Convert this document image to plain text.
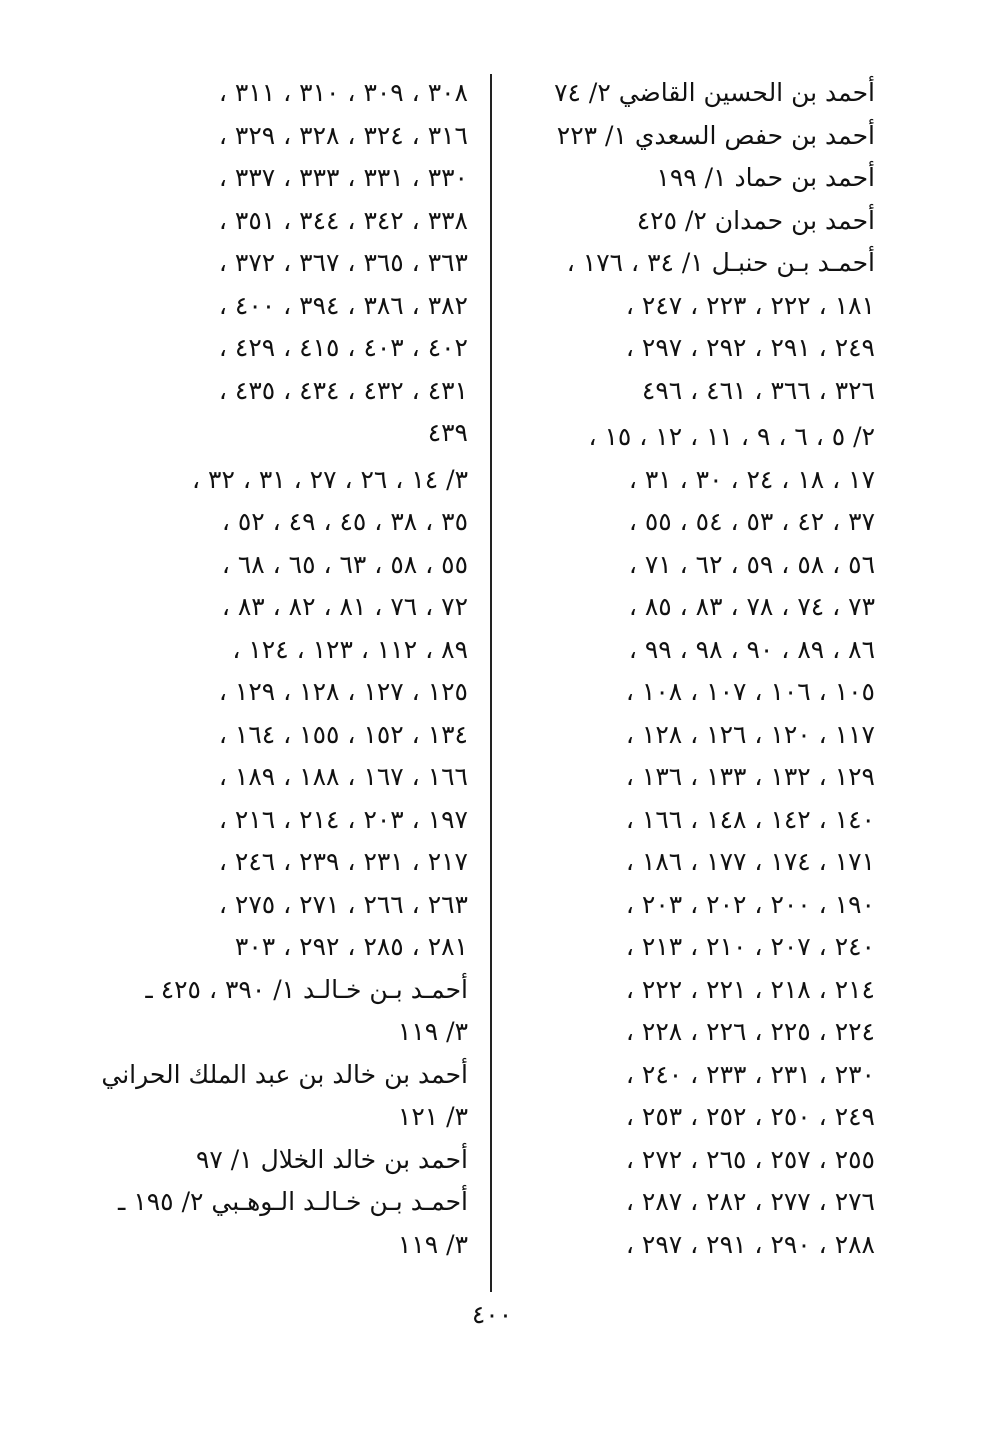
أحمد بن الحسين القاضي ٢/ ٧٤
أحمد بن حفص السعدي ١/ ٢٢٣
أحمد بن حماد ١/ ١٩٩
أحمد بن حمدان ٢/ ٤٢٥
أحمـد بـن حنبـل ١/ ٣٤ ، ١٧٦ ،
١٨١ ، ٢٢٢ ، ٢٢٣ ، ٢٤٧ ،
٢٤٩ ، ٢٩١ ، ٢٩٢ ، ٢٩٧ ،
٣٢٦ ، ٣٦٦ ، ٤٦١ ، ٤٩٦
٢/ ٥ ، ٦ ، ٩ ، ١١ ، ١٢ ، ١٥ ،
١٧ ، ١٨ ، ٢٤ ، ٣٠ ، ٣١ ،
٣٧ ، ٤٢ ، ٥٣ ، ٥٤ ، ٥٥ ،
٥٦ ، ٥٨ ، ٥٩ ، ٦٢ ، ٧١ ،
٧٣ ، ٧٤ ، ٧٨ ، ٨٣ ، ٨٥ ،
٨٦ ، ٨٩ ، ٩٠ ، ٩٨ ، ٩٩ ،
١٠٥ ، ١٠٦ ، ١٠٧ ، ١٠٨ ،
١١٧ ، ١٢٠ ، ١٢٦ ، ١٢٨ ،
١٢٩ ، ١٣٢ ، ١٣٣ ، ١٣٦ ،
١٤٠ ، ١٤٢ ، ١٤٨ ، ١٦٦ ،
١٧١ ، ١٧٤ ، ١٧٧ ، ١٨٦ ،
١٩٠ ، ٢٠٠ ، ٢٠٢ ، ٢٠٣ ،
٢٤٠ ، ٢٠٧ ، ٢١٠ ، ٢١٣ ،
٢١٤ ، ٢١٨ ، ٢٢١ ، ٢٢٢ ،
٢٢٤ ، ٢٢٥ ، ٢٢٦ ، ٢٢٨ ،
٢٣٠ ، ٢٣١ ، ٢٣٣ ، ٢٤٠ ،
٢٤٩ ، ٢٥٠ ، ٢٥٢ ، ٢٥٣ ،
٢٥٥ ، ٢٥٧ ، ٢٦٥ ، ٢٧٢ ،
٢٧٦ ، ٢٧٧ ، ٢٨٢ ، ٢٨٧ ،
٢٨٨ ، ٢٩٠ ، ٢٩١ ، ٢٩٧ ،
٣٠٨ ، ٣٠٩ ، ٣١٠ ، ٣١١ ،
٣١٦ ، ٣٢٤ ، ٣٢٨ ، ٣٢٩ ،
٣٣٠ ، ٣٣١ ، ٣٣٣ ، ٣٣٧ ،
٣٣٨ ، ٣٤٢ ، ٣٤٤ ، ٣٥١ ،
٣٦٣ ، ٣٦٥ ، ٣٦٧ ، ٣٧٢ ،
٣٨٢ ، ٣٨٦ ، ٣٩٤ ، ٤٠٠ ،
٤٠٢ ، ٤٠٣ ، ٤١٥ ، ٤٢٩ ،
٤٣١ ، ٤٣٢ ، ٤٣٤ ، ٤٣٥ ،
٤٣٩
٣/ ١٤ ، ٢٦ ، ٢٧ ، ٣١ ، ٣٢ ،
٣٥ ، ٣٨ ، ٤٥ ، ٤٩ ، ٥٢ ،
٥٥ ، ٥٨ ، ٦٣ ، ٦٥ ، ٦٨ ،
٧٢ ، ٧٦ ، ٨١ ، ٨٢ ، ٨٣ ،
٨٩ ، ١١٢ ، ١٢٣ ، ١٢٤ ،
١٢٥ ، ١٢٧ ، ١٢٨ ، ١٢٩ ،
١٣٤ ، ١٥٢ ، ١٥٥ ، ١٦٤ ،
١٦٦ ، ١٦٧ ، ١٨٨ ، ١٨٩ ،
١٩٧ ، ٢٠٣ ، ٢١٤ ، ٢١٦ ،
٢١٧ ، ٢٣١ ، ٢٣٩ ، ٢٤٦ ،
٢٦٣ ، ٢٦٦ ، ٢٧١ ، ٢٧٥ ،
٢٨١ ، ٢٨٥ ، ٢٩٢ ، ٣٠٣
أحمـد بـن خـالـد ١/ ٣٩٠ ، ٤٢٥ ـ
٣/ ١١٩
أحمد بن خالد بن عبد الملك الحراني
٣/ ١٢١
أحمد بن خالد الخلال ١/ ٩٧
أحمـد بـن خـالـد الـوهـبي ٢/ ١٩٥ ـ
٣/ ١١٩
٤٠٠
